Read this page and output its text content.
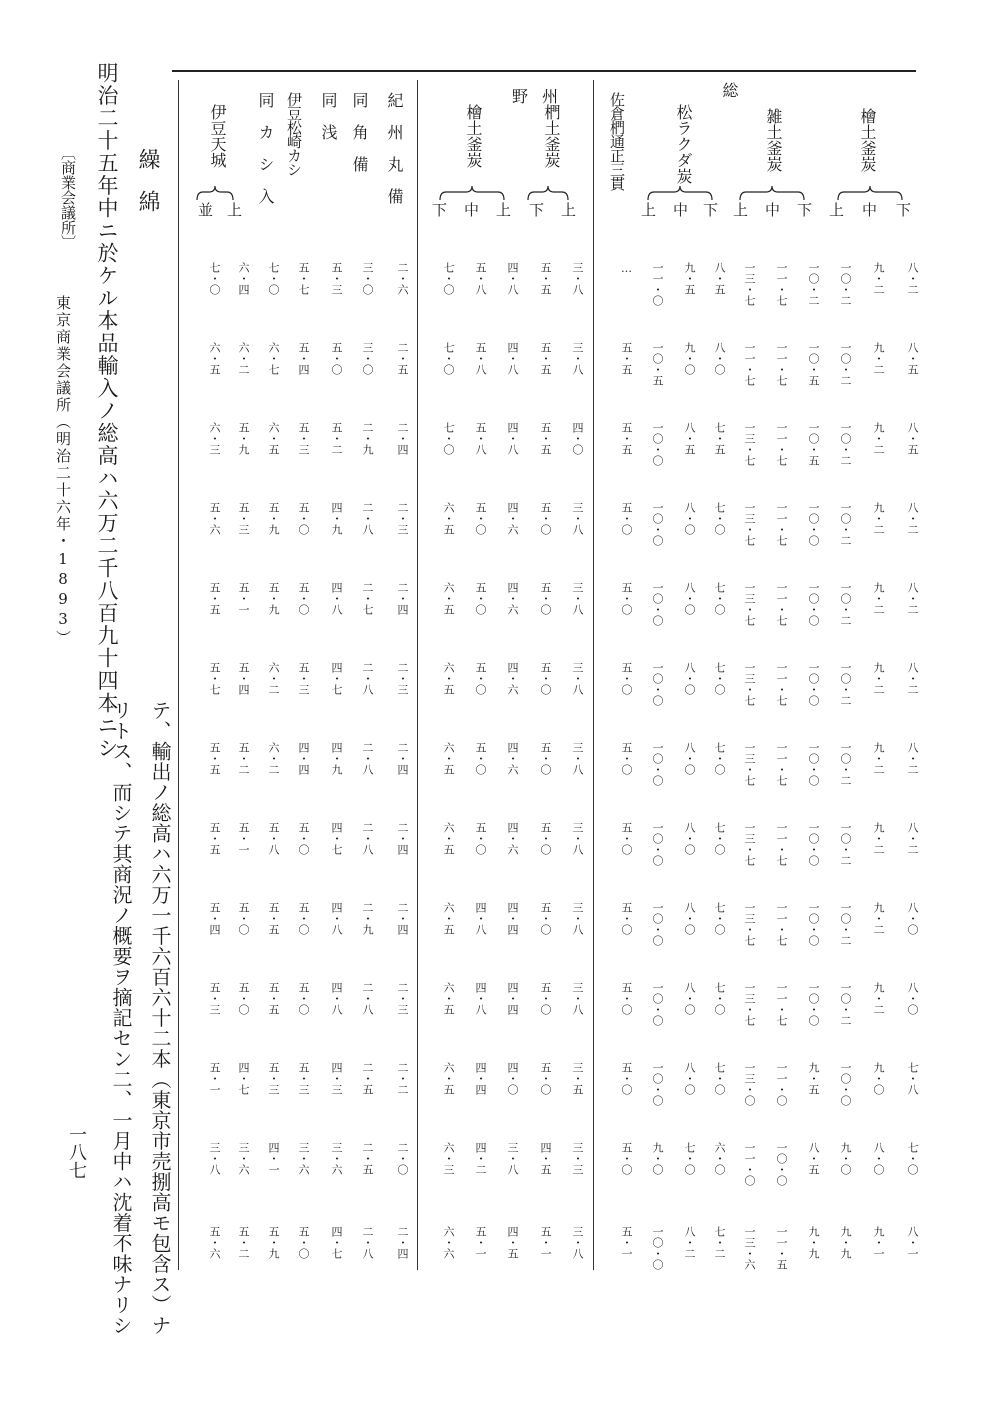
明治二十五年中ニ於ケル本品輸入ノ総高ハ六万二千八百九十四本ニシ
〔商業会議所〕
東京商業会議所（明治二十六年・1893）
一八七
繰綿
テ、輸出ノ総高ハ六万一千六百六十二本（東京市売捌高モ包含ス）ナ
リトス、而シテ其商況ノ概要ヲ摘記セン二、一月中ハ沈着不味ナリシ
総
野州
檜土釜炭
雑土釜炭
松ラクダ炭
椚土釜炭
檜土釜炭
伊豆天城
下
八・二
八・五
八・五
八・二
八・二
八・二
八・二
八・二
八・〇
八・〇
七・八
七・〇
八・一
中
九・二
九・二
九・二
九・二
九・二
九・二
九・二
九・二
九・二
九・二
九・〇
八・〇
九・一
上
一〇・二
一〇・二
一〇・二
一〇・二
一〇・二
一〇・二
一〇・二
一〇・二
一〇・二
一〇・二
一〇・〇
九・〇
九・九
下
一〇・二
一〇・五
一〇・五
一〇・〇
一〇・〇
一〇・〇
一〇・〇
一〇・〇
一〇・〇
一〇・〇
九・五
八・五
九・九
中
一一・七
一一・七
一一・七
一一・七
一一・七
一一・七
一一・七
一一・七
一一・七
一一・七
一一・〇
一〇・〇
一一・五
上
一三・七
一一・七
一三・七
一三・七
一三・七
一三・七
一三・七
一三・七
一三・七
一三・七
一三・〇
一一・〇
一三・六
下
八・五
八・〇
七・五
七・〇
七・〇
七・〇
七・〇
七・〇
七・〇
七・〇
七・〇
六・〇
七・二
中
九・五
九・〇
八・五
八・〇
八・〇
八・〇
八・〇
八・〇
八・〇
八・〇
八・〇
七・〇
八・二
上
一一・〇
一〇・五
一〇・〇
一〇・〇
一〇・〇
一〇・〇
一〇・〇
一〇・〇
一〇・〇
一〇・〇
一〇・〇
九・〇
一〇・〇
佐倉椚通正三貫
…
五・五
五・五
五・〇
五・〇
五・〇
五・〇
五・〇
五・〇
五・〇
五・〇
五・〇
五・一
上
三・八
三・八
四・〇
三・八
三・八
三・八
三・八
三・八
三・八
三・八
三・五
三・三
三・八
下
五・五
五・五
五・五
五・〇
五・〇
五・〇
五・〇
五・〇
五・〇
五・〇
五・〇
四・五
五・一
上
四・八
四・八
四・八
四・六
四・六
四・六
四・六
四・六
四・四
四・四
四・〇
三・八
四・五
中
五・八
五・八
五・八
五・〇
五・〇
五・〇
五・〇
五・〇
四・八
四・八
四・四
四・二
五・一
下
七・〇
七・〇
七・〇
六・五
六・五
六・五
六・五
六・五
六・五
六・五
六・五
六・三
六・六
紀州丸備
二・六
二・五
二・四
二・三
二・四
二・三
二・四
二・四
二・四
二・三
二・二
二・〇
二・四
同角備
三・〇
三・〇
二・九
二・八
二・七
二・八
二・八
二・八
二・九
二・八
二・五
二・五
二・八
同浅
五・三
五・〇
五・二
四・九
四・八
四・七
四・九
四・七
四・八
四・八
四・三
三・六
四・七
伊豆松崎カシ
五・七
五・四
五・三
五・〇
五・〇
五・三
四・四
五・〇
五・〇
五・〇
五・三
三・六
五・〇
同カシ入
七・〇
六・七
六・五
五・九
五・九
六・二
六・二
五・八
五・五
五・五
五・三
四・一
五・九
上
六・四
六・二
五・九
五・三
五・一
五・四
五・二
五・一
五・〇
五・〇
四・七
三・六
五・二
並
七・〇
六・五
六・三
五・六
五・五
五・七
五・五
五・五
五・四
五・三
五・一
三・八
五・六
